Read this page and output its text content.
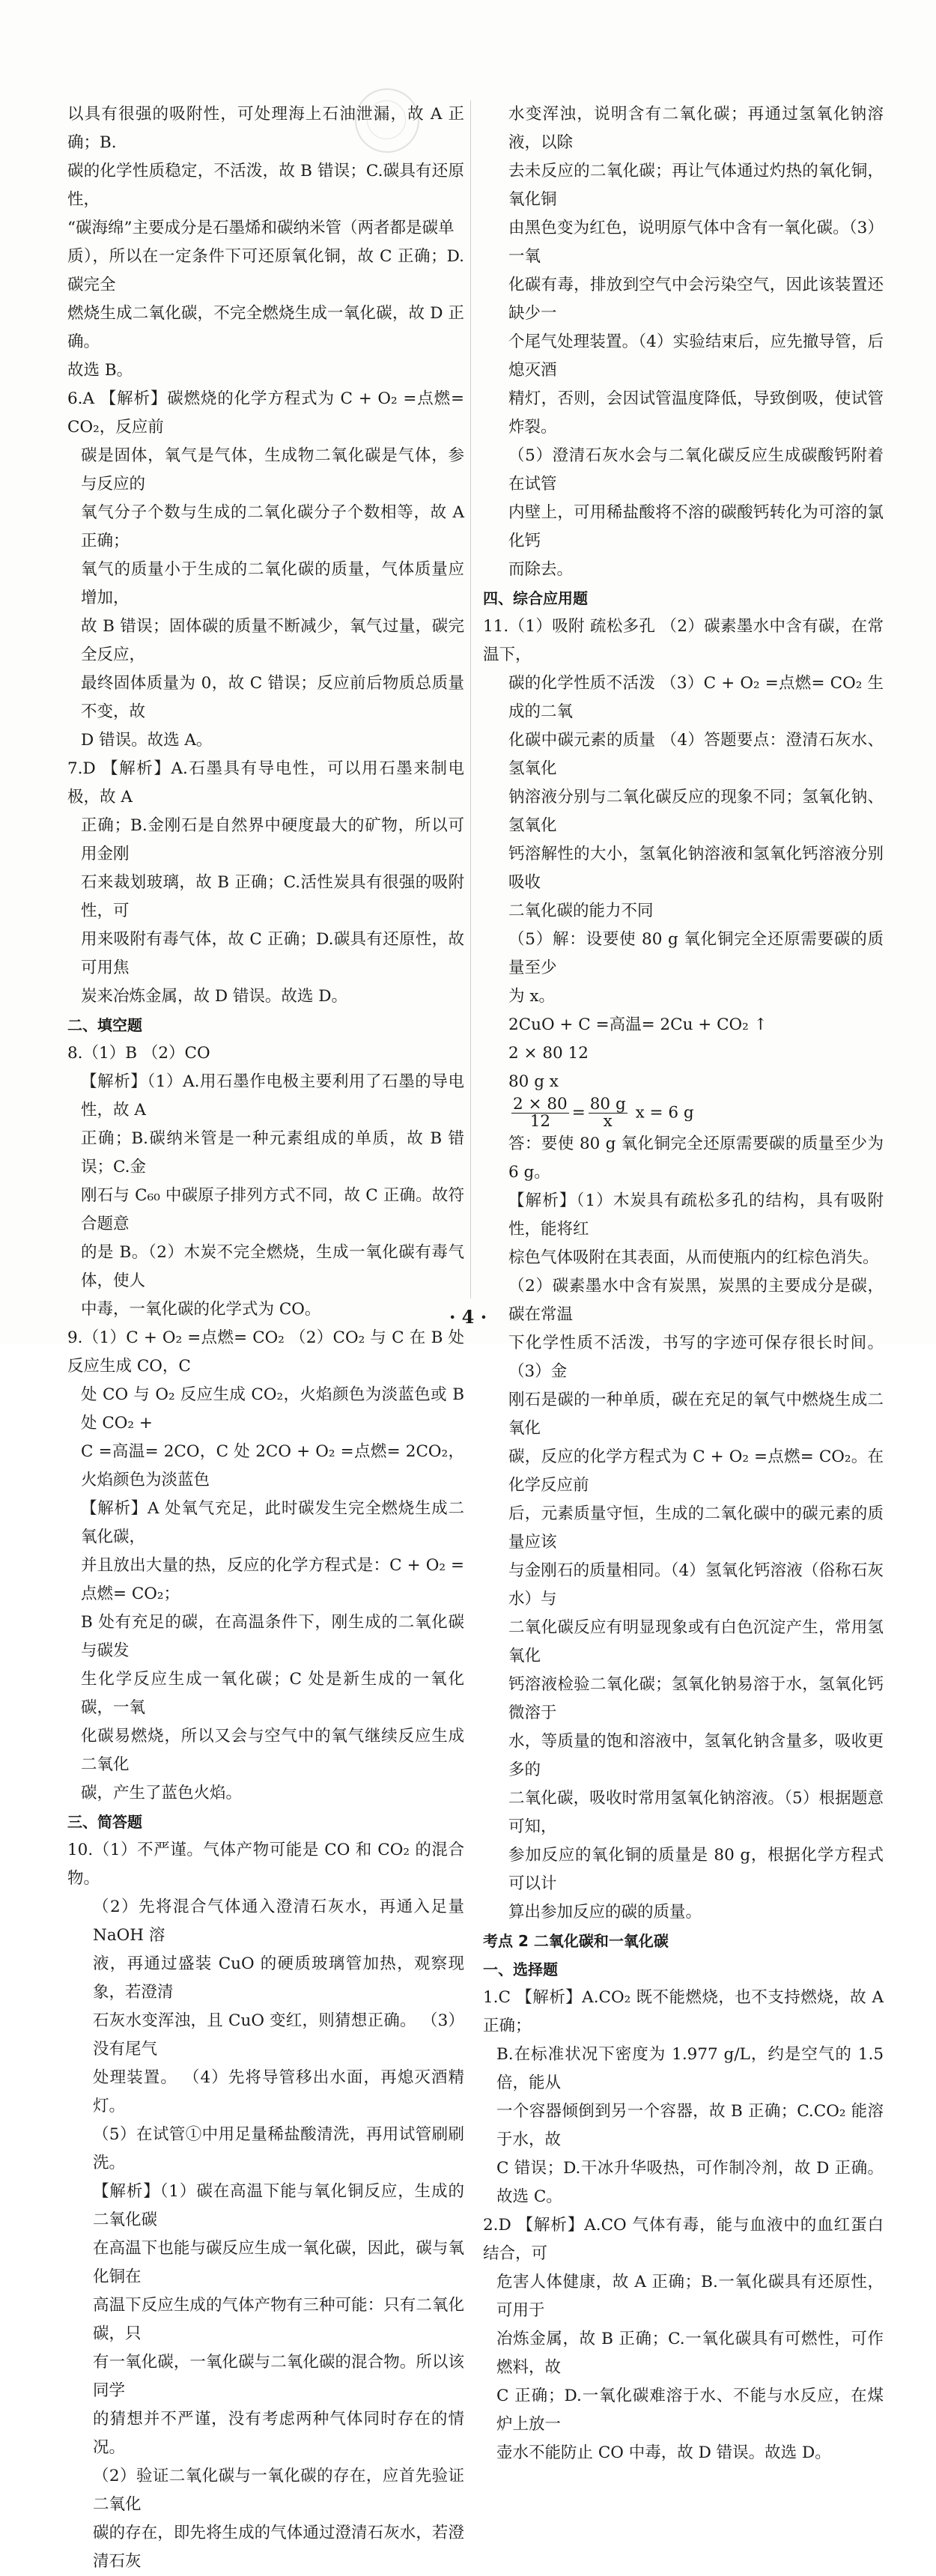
以具有很强的吸附性，可处理海上石油泄漏，故 A 正确；B.

碳的化学性质稳定，不活泼，故 B 错误；C.碳具有还原性，

“碳海绵”主要成分是石墨烯和碳纳米管（两者都是碳单

质），所以在一定条件下可还原氧化铜，故 C 正确；D.碳完全

燃烧生成二氧化碳，不完全燃烧生成一氧化碳，故 D 正确。

故选 B。

6.A 【解析】碳燃烧的化学方程式为 C + O₂ =点燃= CO₂，反应前

碳是固体，氧气是气体，生成物二氧化碳是气体，参与反应的

氧气分子个数与生成的二氧化碳分子个数相等，故 A 正确；

氧气的质量小于生成的二氧化碳的质量，气体质量应增加，

故 B 错误；固体碳的质量不断减少，氧气过量，碳完全反应，

最终固体质量为 0，故 C 错误；反应前后物质总质量不变，故

D 错误。故选 A。

7.D 【解析】A.石墨具有导电性，可以用石墨来制电极，故 A

正确；B.金刚石是自然界中硬度最大的矿物，所以可用金刚

石来裁划玻璃，故 B 正确；C.活性炭具有很强的吸附性，可

用来吸附有毒气体，故 C 正确；D.碳具有还原性，故可用焦

炭来冶炼金属，故 D 错误。故选 D。

二、填空题

8.（1）B （2）CO

【解析】（1）A.用石墨作电极主要利用了石墨的导电性，故 A

正确；B.碳纳米管是一种元素组成的单质，故 B 错误；C.金

刚石与 C₆₀ 中碳原子排列方式不同，故 C 正确。故符合题意

的是 B。（2）木炭不完全燃烧，生成一氧化碳有毒气体，使人

中毒，一氧化碳的化学式为 CO。

9.（1）C + O₂ =点燃= CO₂ （2）CO₂ 与 C 在 B 处反应生成 CO，C

处 CO 与 O₂ 反应生成 CO₂，火焰颜色为淡蓝色或 B 处 CO₂ +

C =高温= 2CO，C 处 2CO + O₂ =点燃= 2CO₂，火焰颜色为淡蓝色

【解析】A 处氧气充足，此时碳发生完全燃烧生成二氧化碳，

并且放出大量的热，反应的化学方程式是：C + O₂ =点燃= CO₂；

B 处有充足的碳，在高温条件下，刚生成的二氧化碳与碳发

生化学反应生成一氧化碳；C 处是新生成的一氧化碳，一氧

化碳易燃烧，所以又会与空气中的氧气继续反应生成二氧化

碳，产生了蓝色火焰。

三、简答题

10.（1）不严谨。气体产物可能是 CO 和 CO₂ 的混合物。

（2）先将混合气体通入澄清石灰水，再通入足量 NaOH 溶

液，再通过盛装 CuO 的硬质玻璃管加热，观察现象，若澄清

石灰水变浑浊，且 CuO 变红，则猜想正确。 （3）没有尾气

处理装置。 （4）先将导管移出水面，再熄灭酒精灯。

（5）在试管①中用足量稀盐酸清洗，再用试管刷刷洗。

【解析】（1）碳在高温下能与氧化铜反应，生成的二氧化碳

在高温下也能与碳反应生成一氧化碳，因此，碳与氧化铜在

高温下反应生成的气体产物有三种可能：只有二氧化碳，只

有一氧化碳，一氧化碳与二氧化碳的混合物。所以该同学

的猜想并不严谨，没有考虑两种气体同时存在的情况。

（2）验证二氧化碳与一氧化碳的存在，应首先验证二氧化

碳的存在，即先将生成的气体通过澄清石灰水，若澄清石灰

水变浑浊，说明含有二氧化碳；再通过氢氧化钠溶液，以除

去未反应的二氧化碳；再让气体通过灼热的氧化铜，氧化铜

由黑色变为红色，说明原气体中含有一氧化碳。（3）一氧

化碳有毒，排放到空气中会污染空气，因此该装置还缺少一

个尾气处理装置。（4）实验结束后，应先撤导管，后熄灭酒

精灯，否则，会因试管温度降低，导致倒吸，使试管炸裂。

（5）澄清石灰水会与二氧化碳反应生成碳酸钙附着在试管

内壁上，可用稀盐酸将不溶的碳酸钙转化为可溶的氯化钙

而除去。

四、综合应用题

11.（1）吸附 疏松多孔 （2）碳素墨水中含有碳，在常温下，

碳的化学性质不活泼 （3）C + O₂ =点燃= CO₂ 生成的二氧

化碳中碳元素的质量 （4）答题要点：澄清石灰水、氢氧化

钠溶液分别与二氧化碳反应的现象不同；氢氧化钠、氢氧化

钙溶解性的大小，氢氧化钠溶液和氢氧化钙溶液分别吸收

二氧化碳的能力不同

（5）解：设要使 80 g 氧化铜完全还原需要碳的质量至少

为 x。

2CuO + C =高温= 2Cu + CO₂ ↑

2 × 80 12

80 g x

$\frac{2 \times 80}{12} = \frac{80 g}{x}$ x = 6 g

答：要使 80 g 氧化铜完全还原需要碳的质量至少为 6 g。

【解析】（1）木炭具有疏松多孔的结构，具有吸附性，能将红

棕色气体吸附在其表面，从而使瓶内的红棕色消失。

（2）碳素墨水中含有炭黑，炭黑的主要成分是碳，碳在常温

下化学性质不活泼，书写的字迹可保存很长时间。（3）金

刚石是碳的一种单质，碳在充足的氧气中燃烧生成二氧化

碳，反应的化学方程式为 C + O₂ =点燃= CO₂。在化学反应前

后，元素质量守恒，生成的二氧化碳中的碳元素的质量应该

与金刚石的质量相同。（4）氢氧化钙溶液（俗称石灰水）与

二氧化碳反应有明显现象或有白色沉淀产生，常用氢氧化

钙溶液检验二氧化碳；氢氧化钠易溶于水，氢氧化钙微溶于

水，等质量的饱和溶液中，氢氧化钠含量多，吸收更多的

二氧化碳，吸收时常用氢氧化钠溶液。（5）根据题意可知，

参加反应的氧化铜的质量是 80 g，根据化学方程式可以计

算出参加反应的碳的质量。

考点 2 二氧化碳和一氧化碳

一、选择题

1.C 【解析】A.CO₂ 既不能燃烧，也不支持燃烧，故 A 正确；

B.在标准状况下密度为 1.977 g/L，约是空气的 1.5 倍，能从

一个容器倾倒到另一个容器，故 B 正确；C.CO₂ 能溶于水，故

C 错误；D.干冰升华吸热，可作制冷剂，故 D 正确。故选 C。

2.D 【解析】A.CO 气体有毒，能与血液中的血红蛋白结合，可

危害人体健康，故 A 正确；B.一氧化碳具有还原性，可用于

冶炼金属，故 B 正确；C.一氧化碳具有可燃性，可作燃料，故

C 正确；D.一氧化碳难溶于水、不能与水反应，在煤炉上放一

壶水不能防止 CO 中毒，故 D 错误。故选 D。

· 4 ·
